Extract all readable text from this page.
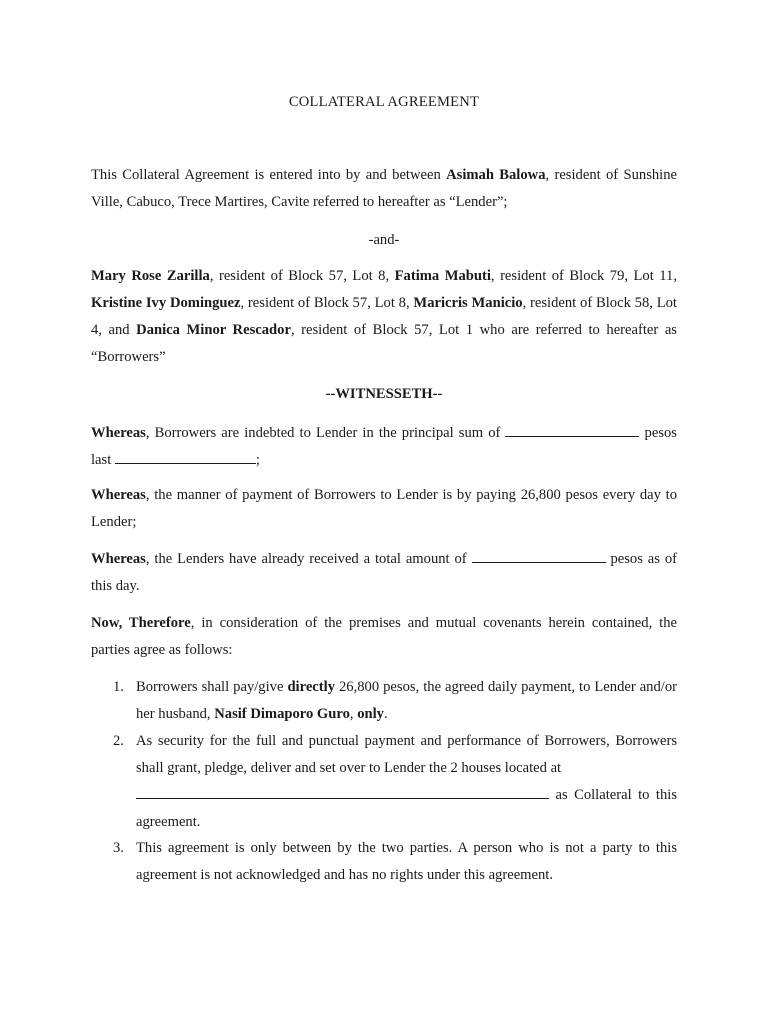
COLLATERAL AGREEMENT

This Collateral Agreement is entered into by and between Asimah Balowa, resident of Sunshine Ville, Cabuco, Trece Martires, Cavite referred to hereafter as “Lender”;

-and-

Mary Rose Zarilla, resident of Block 57, Lot 8, Fatima Mabuti, resident of Block 79, Lot 11, Kristine Ivy Dominguez, resident of Block 57, Lot 8, Maricris Manicio, resident of Block 58, Lot 4, and Danica Minor Rescador, resident of Block 57, Lot 1 who are referred to hereafter as “Borrowers”

--WITNESSETH--

Whereas, Borrowers are indebted to Lender in the principal sum of	pesos last	;

Whereas, the manner of payment of Borrowers to Lender is by paying 26,800 pesos every day to Lender;

Whereas, the Lenders have already received a total amount of	pesos as of this day.

Now, Therefore, in consideration of the premises and mutual covenants herein contained, the parties agree as follows:

1. Borrowers shall pay/give directly 26,800 pesos, the agreed daily payment, to Lender and/or her husband, Nasif Dimaporo Guro, only.
2. As security for the full and punctual payment and performance of Borrowers, Borrowers shall grant, pledge, deliver and set over to Lender the 2 houses located at
as Collateral to this agreement.
3. This agreement is only between by the two parties. A person who is not a party to this agreement is not acknowledged and has no rights under this agreement.
